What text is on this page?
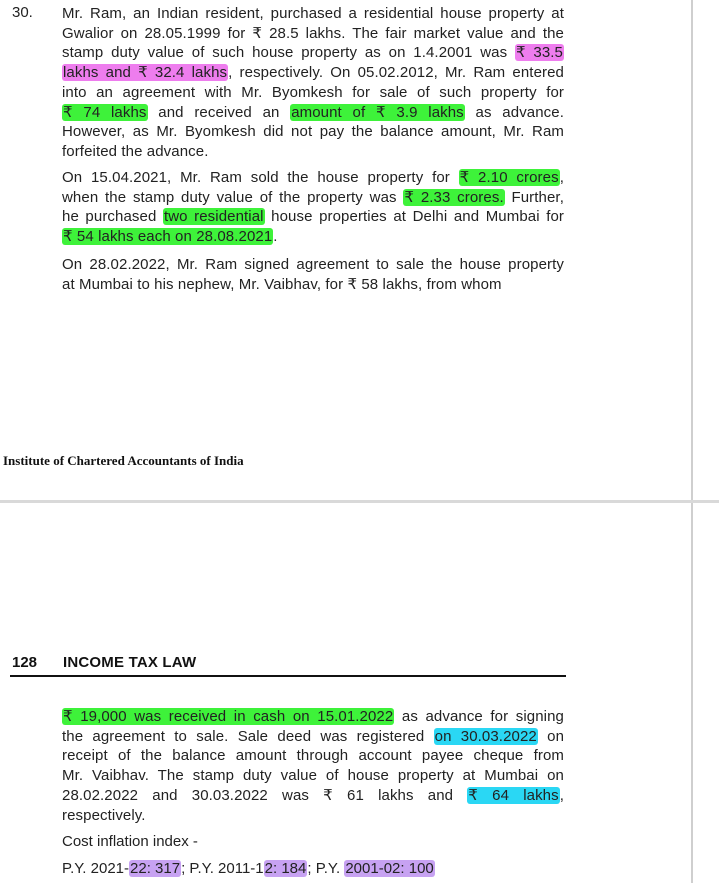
30. Mr. Ram, an Indian resident, purchased a residential house property at
Gwalior on 28.05.1999 for ₹ 28.5 lakhs. The fair market value and the
stamp duty value of such house property as on 1.4.2001 was ₹ 33.5
lakhs and ₹ 32.4 lakhs, respectively. On 05.02.2012, Mr. Ram entered
into an agreement with Mr. Byomkesh for sale of such property for
₹ 74 lakhs and received an amount of ₹ 3.9 lakhs as advance.
However, as Mr. Byomkesh did not pay the balance amount, Mr. Ram
forfeited the advance.
On 15.04.2021, Mr. Ram sold the house property for ₹ 2.10 crores,
when the stamp duty value of the property was ₹ 2.33 crores. Further,
he purchased two residential house properties at Delhi and Mumbai for
₹ 54 lakhs each on 28.08.2021.
On 28.02.2022, Mr. Ram signed agreement to sale the house property
at Mumbai to his nephew, Mr. Vaibhav, for ₹ 58 lakhs, from whom
Institute of Chartered Accountants of India
128 INCOME TAX LAW
₹ 19,000 was received in cash on 15.01.2022 as advance for signing
the agreement to sale. Sale deed was registered on 30.03.2022 on
receipt of the balance amount through account payee cheque from
Mr. Vaibhav. The stamp duty value of house property at Mumbai on
28.02.2022 and 30.03.2022 was ₹ 61 lakhs and ₹ 64 lakhs,
respectively.
Cost inflation index -
P.Y. 2021-22: 317; P.Y. 2011-12: 184; P.Y. 2001-02: 100
